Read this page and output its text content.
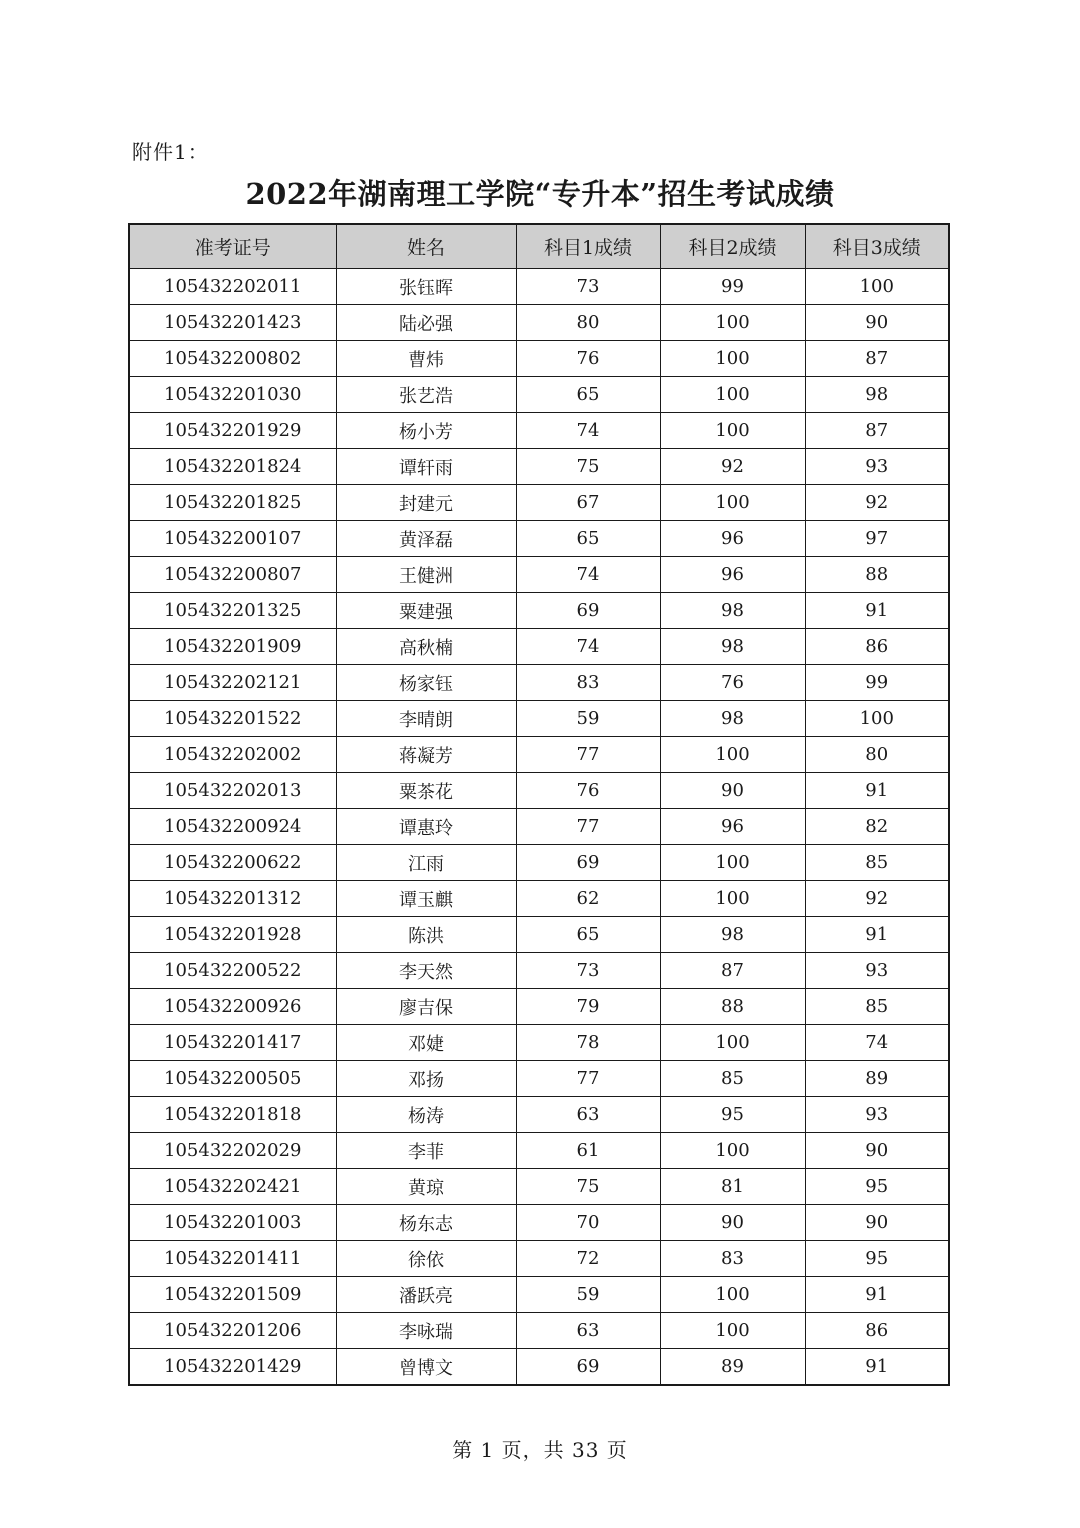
附件1：
2022年湖南理工学院“专升本”招生考试成绩
准考证号	姓名	科目1成绩	科目2成绩	科目3成绩
105432202011	张钰晖	73	99	100
105432201423	陆必强	80	100	90
105432200802	曹炜	76	100	87
105432201030	张艺浩	65	100	98
105432201929	杨小芳	74	100	87
105432201824	谭轩雨	75	92	93
105432201825	封建元	67	100	92
105432200107	黄泽磊	65	96	97
105432200807	王健洲	74	96	88
105432201325	粟建强	69	98	91
105432201909	高秋楠	74	98	86
105432202121	杨家钰	83	76	99
105432201522	李晴朗	59	98	100
105432202002	蒋凝芳	77	100	80
105432202013	粟茶花	76	90	91
105432200924	谭惠玲	77	96	82
105432200622	江雨	69	100	85
105432201312	谭玉麒	62	100	92
105432201928	陈洪	65	98	91
105432200522	李天然	73	87	93
105432200926	廖吉保	79	88	85
105432201417	邓婕	78	100	74
105432200505	邓扬	77	85	89
105432201818	杨涛	63	95	93
105432202029	李菲	61	100	90
105432202421	黄琼	75	81	95
105432201003	杨东志	70	90	90
105432201411	徐依	72	83	95
105432201509	潘跃亮	59	100	91
105432201206	李咏瑞	63	100	86
105432201429	曾博文	69	89	91
第 1 页，共 33 页
